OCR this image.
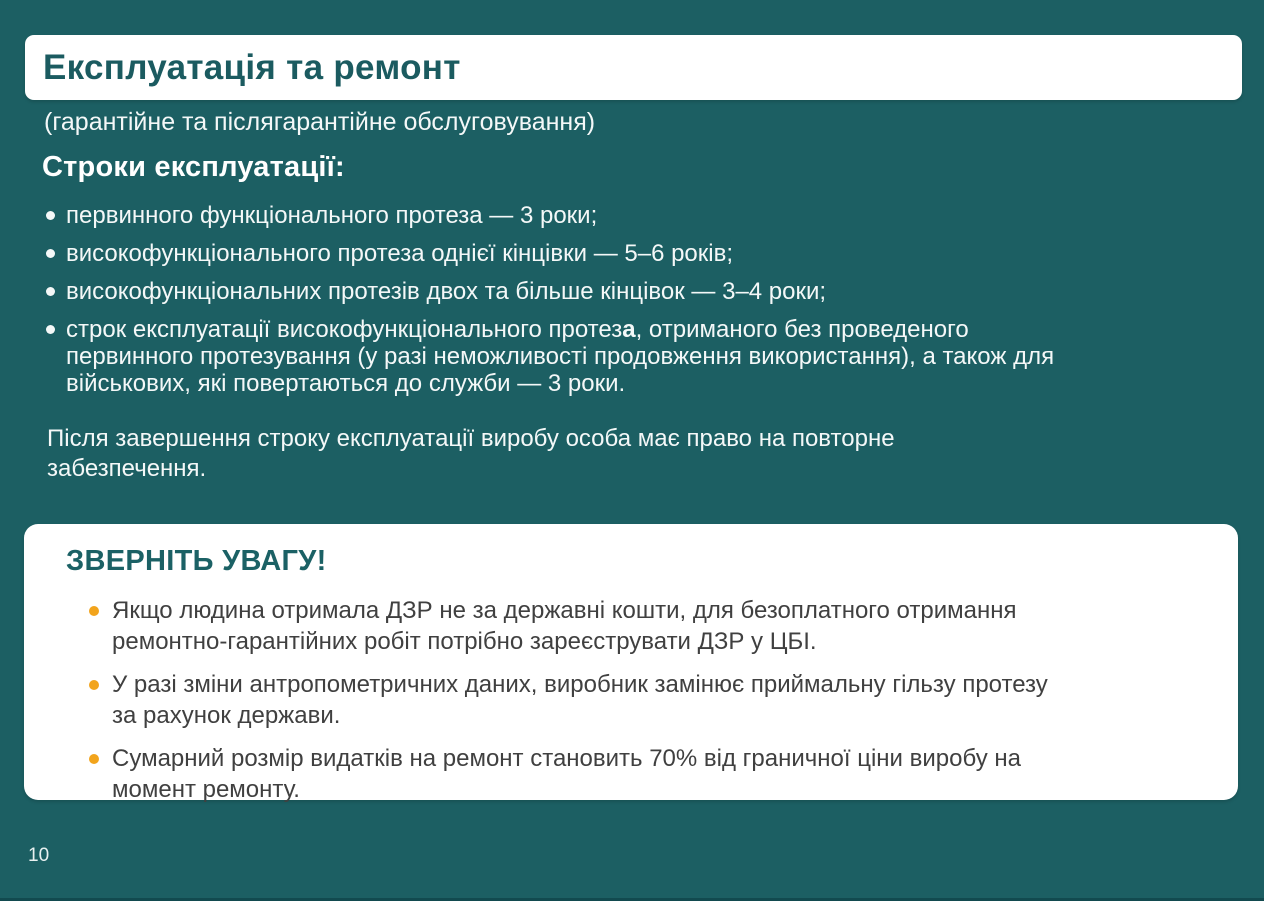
Експлуатація та ремонт

(гарантійне та післягарантійне обслуговування)

Строки експлуатації:
первинного функціонального протеза — 3 роки;
високофункціонального протеза однієї кінцівки — 5–6 років;
високофункціональних протезів двох та більше кінцівок — 3–4 роки;
строк експлуатації високофункціонального протеза, отриманого без проведеного первинного протезування (у разі неможливості продовження використання), а також для військових, які повертаються до служби — 3 роки.

Після завершення строку експлуатації виробу особа має право на повторне забезпечення.

ЗВЕРНІТЬ УВАГУ!
Якщо людина отримала ДЗР не за державні кошти, для безоплатного отримання ремонтно-гарантійних робіт потрібно зареєструвати ДЗР у ЦБІ.
У разі зміни антропометричних даних, виробник замінює приймальну гільзу протезу за рахунок держави.
Сумарний розмір видатків на ремонт становить 70% від граничної ціни виробу на момент ремонту.
10
